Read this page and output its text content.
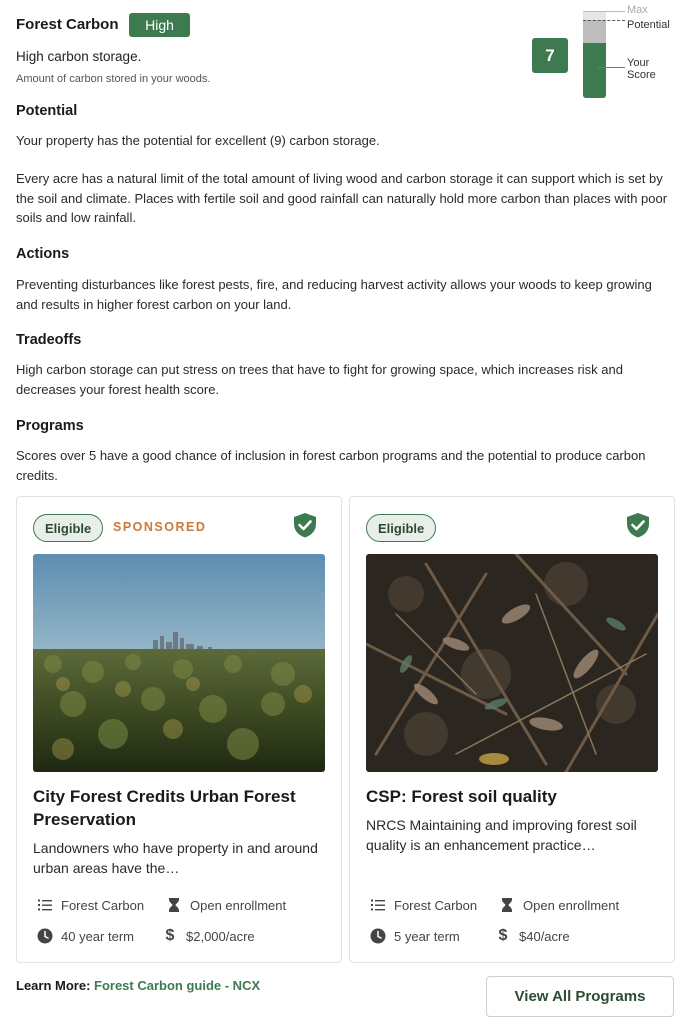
Forest Carbon	High
High carbon storage.
Amount of carbon stored in your woods.
7
Max
Potential
Your
Score
Potential
Your property has the potential for excellent (9) carbon storage.
Every acre has a natural limit of the total amount of living wood and carbon storage it can support which is set by the soil and climate. Places with fertile soil and good rainfall can naturally hold more carbon than places with poor soils and low rainfall.
Actions
Preventing disturbances like forest pests, fire, and reducing harvest activity allows your woods to keep growing and results in higher forest carbon on your land.
Tradeoffs
High carbon storage can put stress on trees that have to fight for growing space, which increases risk and decreases your forest health score.
Programs
Scores over 5 have a good chance of inclusion in forest carbon programs and the potential to produce carbon credits.
Eligible	SPONSORED
City Forest Credits Urban Forest Preservation
Landowners who have property in and around urban areas have the…
Forest Carbon	Open enrollment
40 year term $ $2,000/acre
Eligible
CSP: Forest soil quality
NRCS Maintaining and improving forest soil quality is an enhancement practice…
Forest Carbon	Open enrollment
5 year term $ $40/acre
Learn More: Forest Carbon guide - NCX
View All Programs
